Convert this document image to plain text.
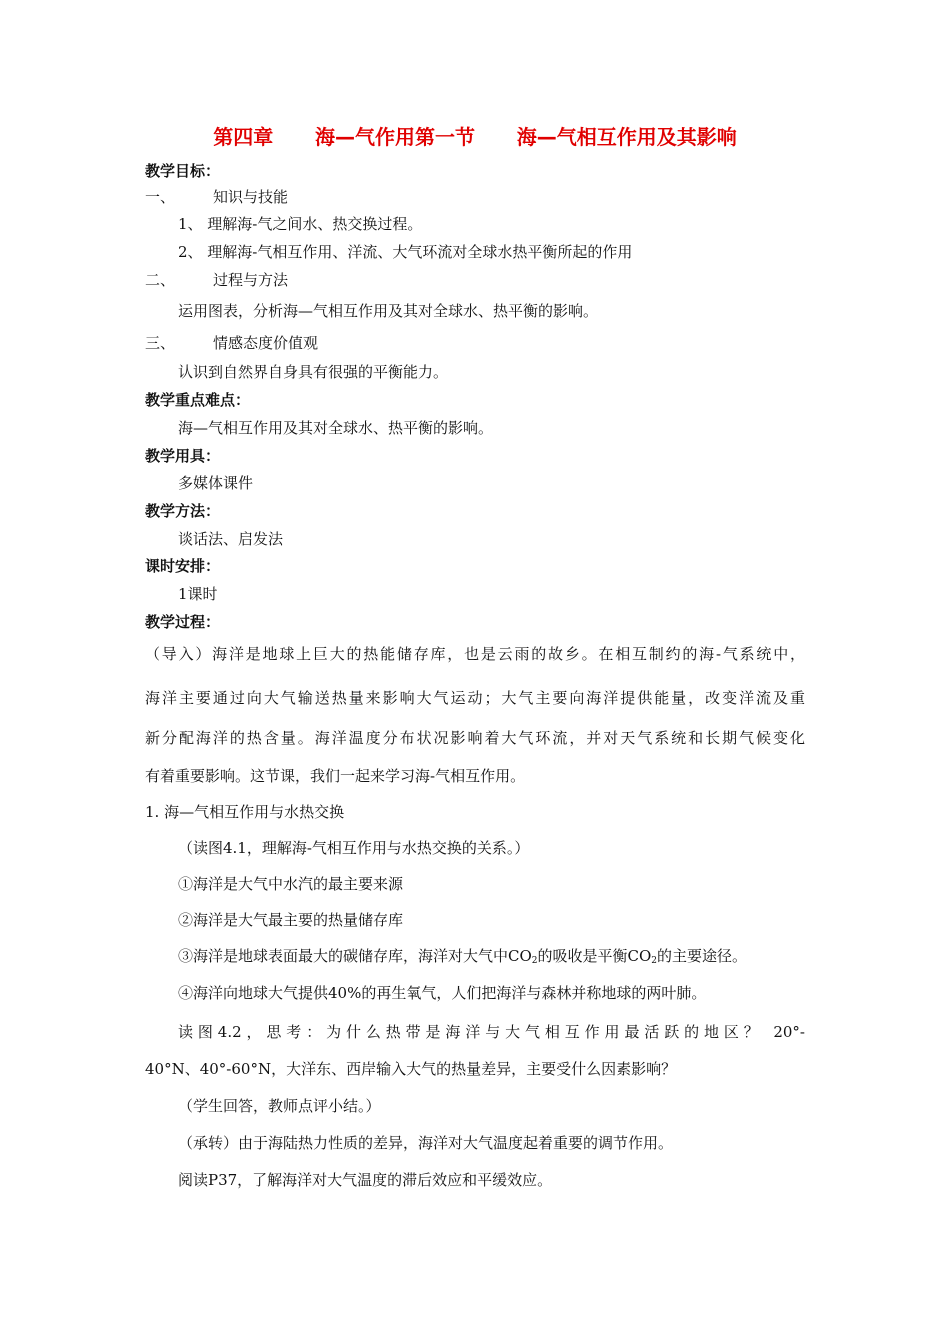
第四章      海—气作用第一节      海—气相互作用及其影响
教学目标：
一、	知识与技能
1、 理解海-气之间水、热交换过程。
2、 理解海-气相互作用、洋流、大气环流对全球水热平衡所起的作用
二、	过程与方法
运用图表，分析海—气相互作用及其对全球水、热平衡的影响。
三、	情感态度价值观
认识到自然界自身具有很强的平衡能力。
教学重点难点：
海—气相互作用及其对全球水、热平衡的影响。
教学用具：
多媒体课件
教学方法：
谈话法、启发法
课时安排：
1课时
教学过程：
（导入）海洋是地球上巨大的热能储存库，也是云雨的故乡。在相互制约的海-气系统中，
海洋主要通过向大气输送热量来影响大气运动；大气主要向海洋提供能量，改变洋流及重
新分配海洋的热含量。海洋温度分布状况影响着大气环流，并对天气系统和长期气候变化
有着重要影响。这节课，我们一起来学习海-气相互作用。
1. 海—气相互作用与水热交换
（读图4.1，理解海-气相互作用与水热交换的关系。）
①海洋是大气中水汽的最主要来源
②海洋是大气最主要的热量储存库
③海洋是地球表面最大的碳储存库，海洋对大气中$CO_2$的吸收是平衡$CO_2$的主要途径。
④海洋向地球大气提供40%的再生氧气，人们把海洋与森林并称地球的两叶肺。
读图4.2，思考：为什么热带是海洋与大气相互作用最活跃的地区？ 20°-
40°N、40°-60°N，大洋东、西岸输入大气的热量差异，主要受什么因素影响？
（学生回答，教师点评小结。）
（承转）由于海陆热力性质的差异，海洋对大气温度起着重要的调节作用。
阅读P37，了解海洋对大气温度的滞后效应和平缓效应。
